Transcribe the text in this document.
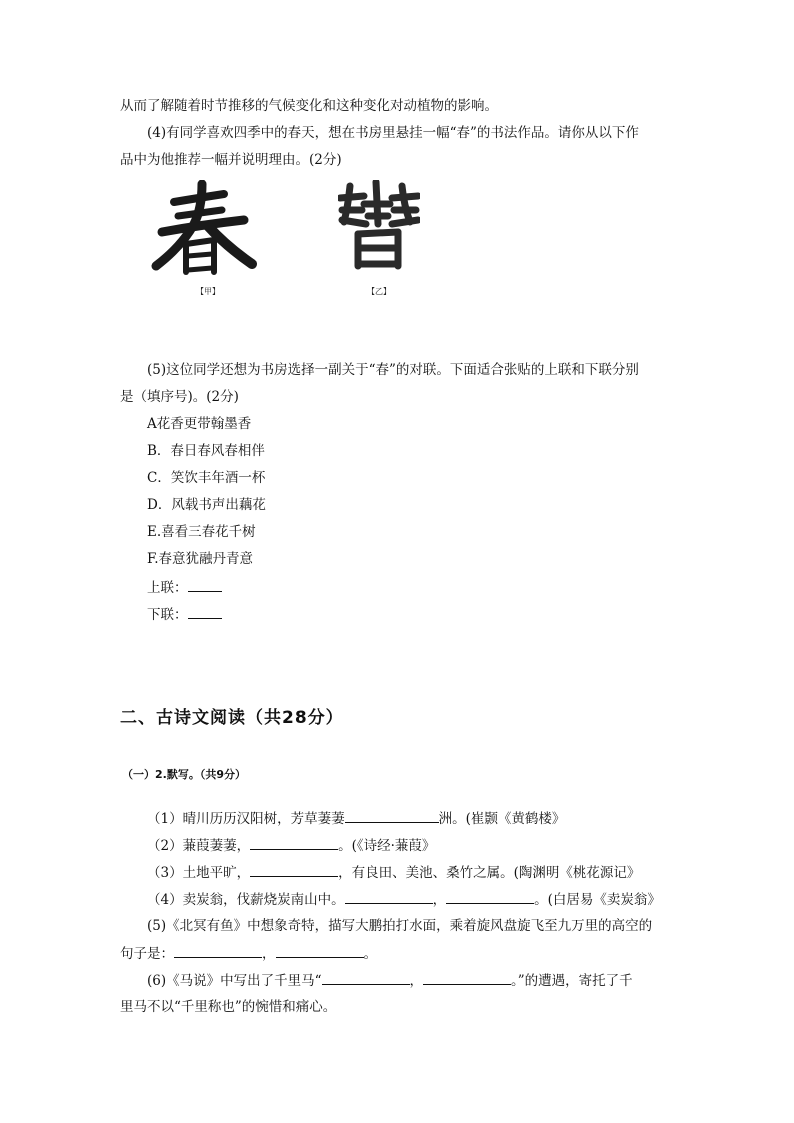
从而了解随着时节推移的气候变化和这种变化对动植物的影响。
(4)有同学喜欢四季中的春天，想在书房里悬挂一幅“春”的书法作品。请你从以下作
品中为他推荐一幅并说明理由。(2分)
【甲】	【乙】
(5)这位同学还想为书房选择一副关于“春”的对联。下面适合张贴的上联和下联分别
是（填序号)。(2分)
A花香更带翰墨香
B．春日春风春相伴
C．笑饮丰年酒一杯
D．风载书声出藕花
E.喜看三春花千树
F.春意犹融丹青意
上联：
下联：
二、古诗文阅读（共28分）
（一）2.默写。（共9分）
（1）晴川历历汉阳树，芳草萋萋	洲。(崔颢《黄鹤楼》
（2）蒹葭萋萋，	。(《诗经·蒹葭》
（3）土地平旷，	，有良田、美池、桑竹之属。(陶渊明《桃花源记》
（4）卖炭翁，伐薪烧炭南山中。	，	。(白居易《卖炭翁》
(5)《北冥有鱼》中想象奇特，描写大鹏拍打水面，乘着旋风盘旋飞至九万里的高空的
句子是：	，	。
(6)《马说》中写出了千里马“	，	。”的遭遇，寄托了千
里马不以“千里称也”的惋惜和痛心。
